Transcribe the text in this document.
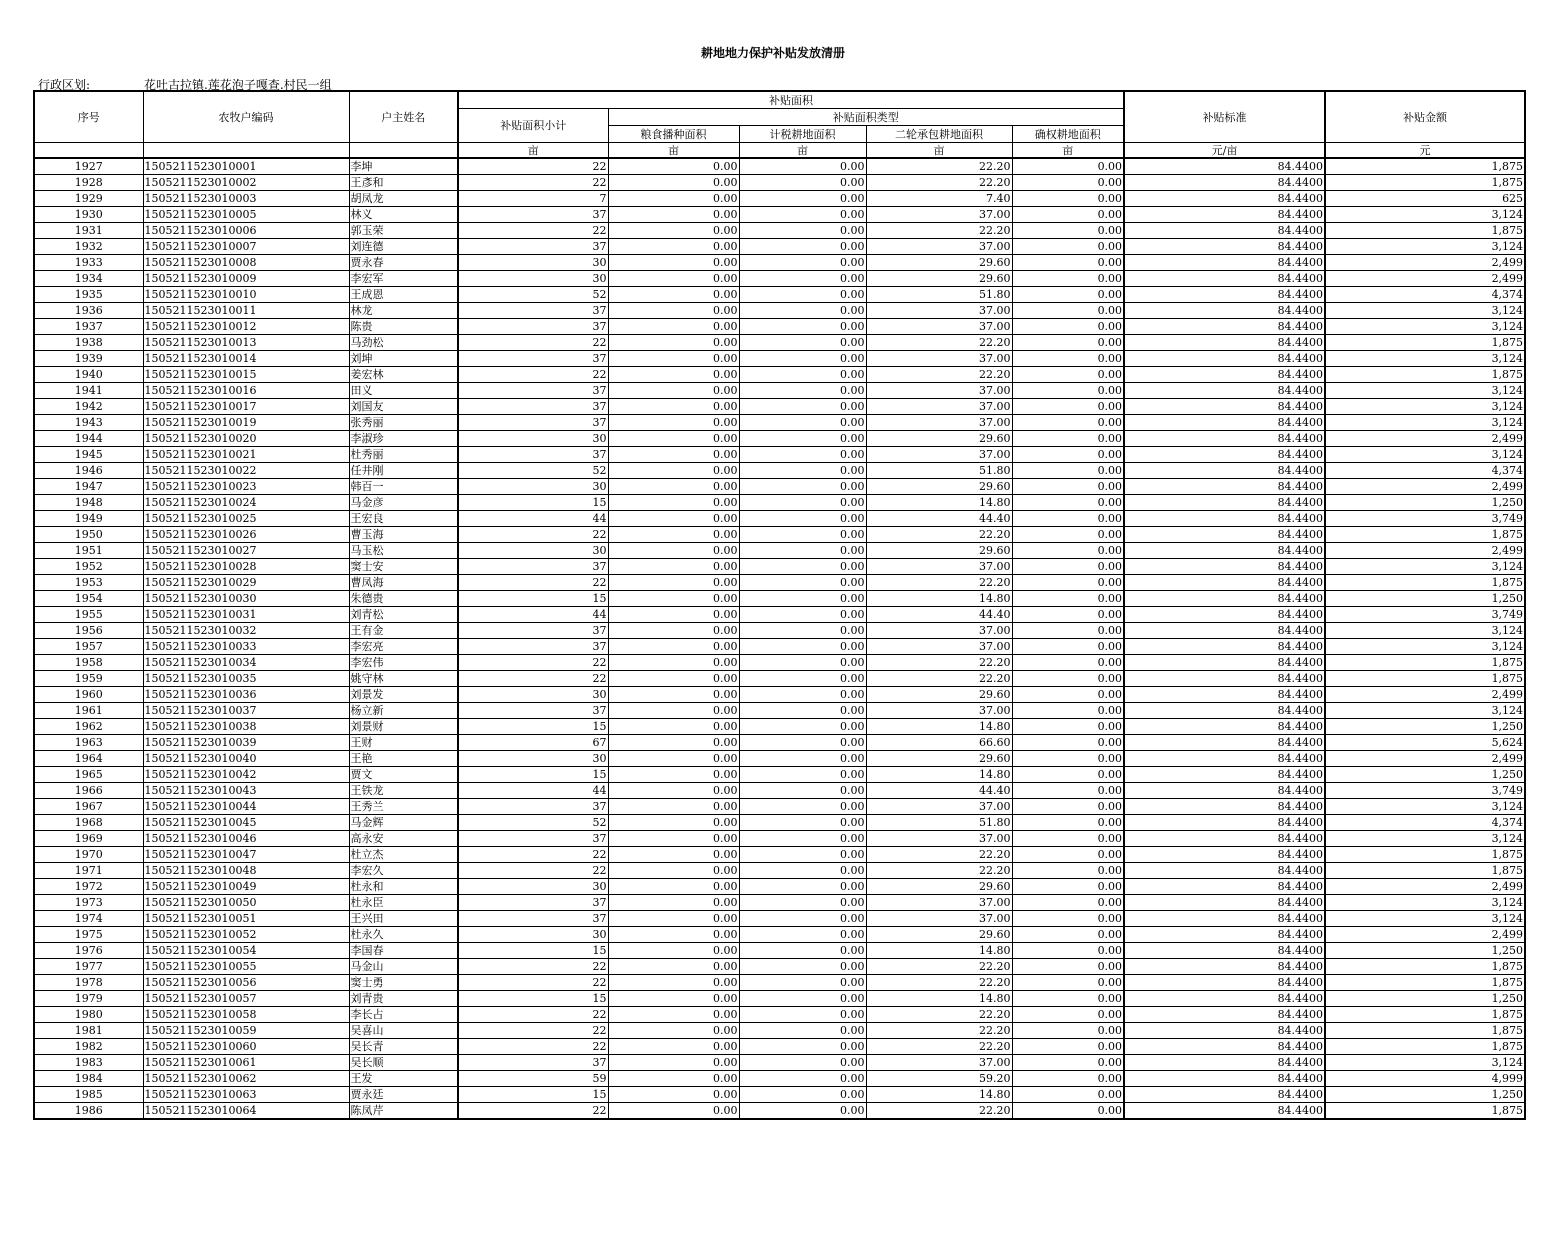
耕地地力保护补贴发放清册
行政区划:	花吐古拉镇.莲花泡子嘎查.村民一组
序号	农牧户编码	户主姓名	补贴面积					补贴标准	补贴金额
			补贴面积小计	补贴面积类型					
				粮食播种面积	计税耕地面积	二轮承包耕地面积	确权耕地面积		
			亩	亩	亩	亩	亩	元/亩	元
1927	150521152301000​1	李坤	22	0.00	0.00	22.20	0.00	84.4400	1,875
1928	1505211523010002	王彥和	22	0.00	0.00	22.20	0.00	84.4400	1,875
1929	1505211523010003	胡凤龙	7	0.00	0.00	7.40	0.00	84.4400	625
1930	1505211523010005	林义	37	0.00	0.00	37.00	0.00	84.4400	3,124
1931	1505211523010006	郭玉荣	22	0.00	0.00	22.20	0.00	84.4400	1,875
1932	1505211523010007	刘连德	37	0.00	0.00	37.00	0.00	84.4400	3,124
1933	1505211523010008	贾永春	30	0.00	0.00	29.60	0.00	84.4400	2,499
1934	1505211523010009	李宏军	30	0.00	0.00	29.60	0.00	84.4400	2,499
1935	1505211523010010	王成恩	52	0.00	0.00	51.80	0.00	84.4400	4,374
1936	1505211523010011	林龙	37	0.00	0.00	37.00	0.00	84.4400	3,124
1937	1505211523010012	陈贵	37	0.00	0.00	37.00	0.00	84.4400	3,124
1938	1505211523010013	马劲松	22	0.00	0.00	22.20	0.00	84.4400	1,875
1939	1505211523010014	刘坤	37	0.00	0.00	37.00	0.00	84.4400	3,124
1940	1505211523010015	姜宏林	22	0.00	0.00	22.20	0.00	84.4400	1,875
1941	1505211523010016	田义	37	0.00	0.00	37.00	0.00	84.4400	3,124
1942	1505211523010017	刘国友	37	0.00	0.00	37.00	0.00	84.4400	3,124
1943	1505211523010019	张秀丽	37	0.00	0.00	37.00	0.00	84.4400	3,124
1944	1505211523010020	李淑珍	30	0.00	0.00	29.60	0.00	84.4400	2,499
1945	1505211523010021	杜秀丽	37	0.00	0.00	37.00	0.00	84.4400	3,124
1946	1505211523010022	任井刚	52	0.00	0.00	51.80	0.00	84.4400	4,374
1947	1505211523010023	韩百一	30	0.00	0.00	29.60	0.00	84.4400	2,499
1948	1505211523010024	马金彦	15	0.00	0.00	14.80	0.00	84.4400	1,250
1949	1505211523010025	王宏良	44	0.00	0.00	44.40	0.00	84.4400	3,749
1950	1505211523010026	曹玉海	22	0.00	0.00	22.20	0.00	84.4400	1,875
1951	1505211523010027	马玉松	30	0.00	0.00	29.60	0.00	84.4400	2,499
1952	1505211523010028	窦士安	37	0.00	0.00	37.00	0.00	84.4400	3,124
1953	1505211523010029	曹凤海	22	0.00	0.00	22.20	0.00	84.4400	1,875
1954	1505211523010030	朱德贵	15	0.00	0.00	14.80	0.00	84.4400	1,250
1955	1505211523010031	刘青松	44	0.00	0.00	44.40	0.00	84.4400	3,749
1956	1505211523010032	王有金	37	0.00	0.00	37.00	0.00	84.4400	3,124
1957	1505211523010033	李宏亮	37	0.00	0.00	37.00	0.00	84.4400	3,124
1958	1505211523010034	李宏伟	22	0.00	0.00	22.20	0.00	84.4400	1,875
1959	1505211523010035	姚守林	22	0.00	0.00	22.20	0.00	84.4400	1,875
1960	1505211523010036	刘景发	30	0.00	0.00	29.60	0.00	84.4400	2,499
1961	1505211523010037	杨立新	37	0.00	0.00	37.00	0.00	84.4400	3,124
1962	1505211523010038	刘景财	15	0.00	0.00	14.80	0.00	84.4400	1,250
1963	1505211523010039	王财	67	0.00	0.00	66.60	0.00	84.4400	5,624
1964	1505211523010040	王艳	30	0.00	0.00	29.60	0.00	84.4400	2,499
1965	1505211523010042	贾文	15	0.00	0.00	14.80	0.00	84.4400	1,250
1966	1505211523010043	王铁龙	44	0.00	0.00	44.40	0.00	84.4400	3,749
1967	1505211523010044	王秀兰	37	0.00	0.00	37.00	0.00	84.4400	3,124
1968	1505211523010045	马金辉	52	0.00	0.00	51.80	0.00	84.4400	4,374
1969	1505211523010046	高永安	37	0.00	0.00	37.00	0.00	84.4400	3,124
1970	1505211523010047	杜立杰	22	0.00	0.00	22.20	0.00	84.4400	1,875
1971	1505211523010048	李宏久	22	0.00	0.00	22.20	0.00	84.4400	1,875
1972	1505211523010049	杜永和	30	0.00	0.00	29.60	0.00	84.4400	2,499
1973	1505211523010050	杜永臣	37	0.00	0.00	37.00	0.00	84.4400	3,124
1974	1505211523010051	王兴田	37	0.00	0.00	37.00	0.00	84.4400	3,124
1975	1505211523010052	杜永久	30	0.00	0.00	29.60	0.00	84.4400	2,499
1976	1505211523010054	李国春	15	0.00	0.00	14.80	0.00	84.4400	1,250
1977	1505211523010055	马金山	22	0.00	0.00	22.20	0.00	84.4400	1,875
1978	1505211523010056	窦士勇	22	0.00	0.00	22.20	0.00	84.4400	1,875
1979	1505211523010057	刘青贵	15	0.00	0.00	14.80	0.00	84.4400	1,250
1980	1505211523010058	李长占	22	0.00	0.00	22.20	0.00	84.4400	1,875
1981	1505211523010059	吴喜山	22	0.00	0.00	22.20	0.00	84.4400	1,875
1982	1505211523010060	吴长青	22	0.00	0.00	22.20	0.00	84.4400	1,875
1983	1505211523010061	吴长顺	37	0.00	0.00	37.00	0.00	84.4400	3,124
1984	1505211523010062	王发	59	0.00	0.00	59.20	0.00	84.4400	4,999
1985	1505211523010063	贾永廷	15	0.00	0.00	14.80	0.00	84.4400	1,250
1986	1505211523010064	陈凤芹	22	0.00	0.00	22.20	0.00	84.4400	1,875
